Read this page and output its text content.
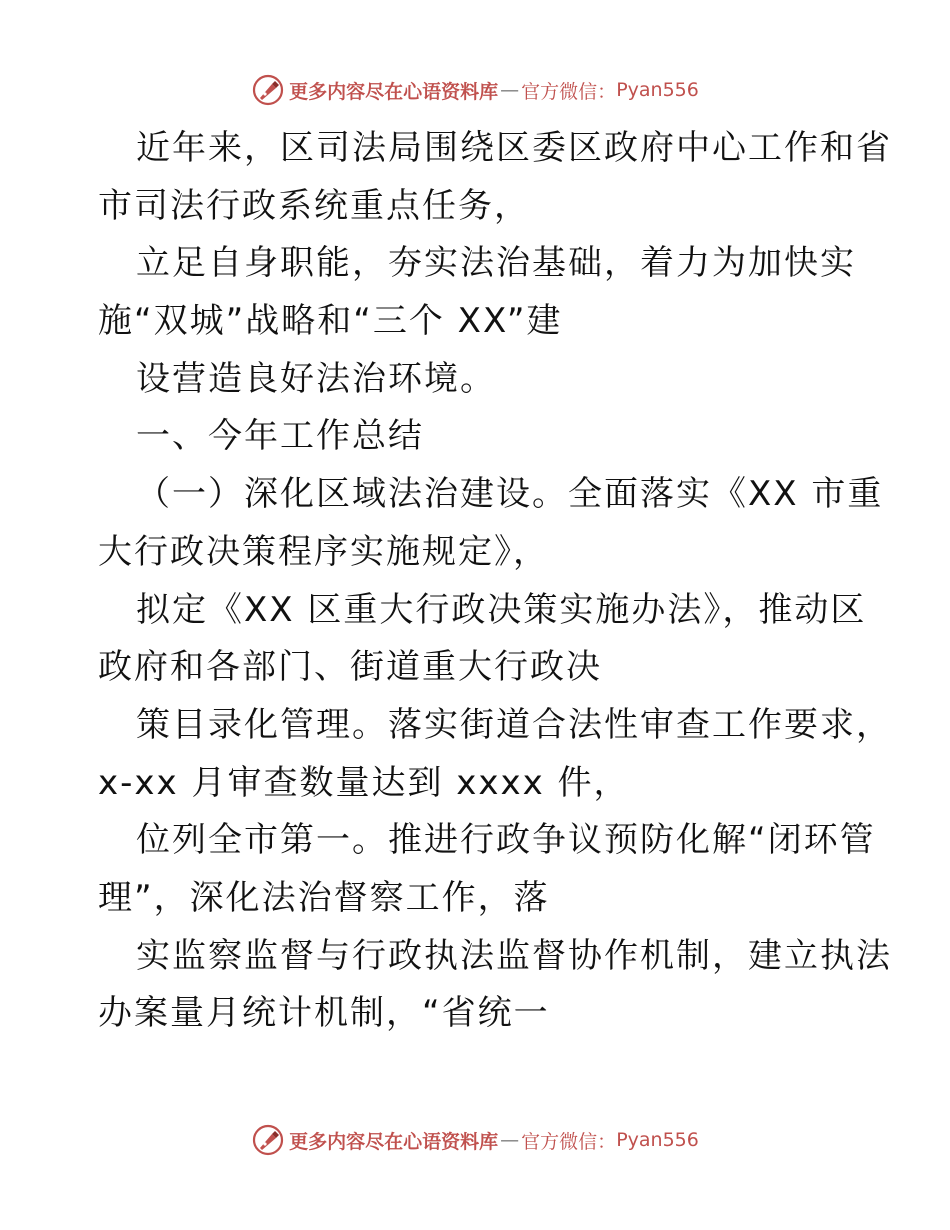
更多内容尽在心语资料库 — 官方微信： Pyan556
近年来，区司法局围绕区委区政府中心工作和省
市司法行政系统重点任务，
立足自身职能，夯实法治基础，着力为加快实
施“双城”战略和“三个 XX”建
设营造良好法治环境。
一、今年工作总结
（一）深化区域法治建设。全面落实《XX 市重
大行政决策程序实施规定》，
拟定《XX 区重大行政决策实施办法》，推动区
政府和各部门、街道重大行政决
策目录化管理。落实街道合法性审查工作要求，
x-xx 月审查数量达到 xxxx 件，
位列全市第一。推进行政争议预防化解“闭环管
理”，深化法治督察工作，落
实监察监督与行政执法监督协作机制，建立执法
办案量月统计机制，“省统一
更多内容尽在心语资料库 — 官方微信： Pyan556
